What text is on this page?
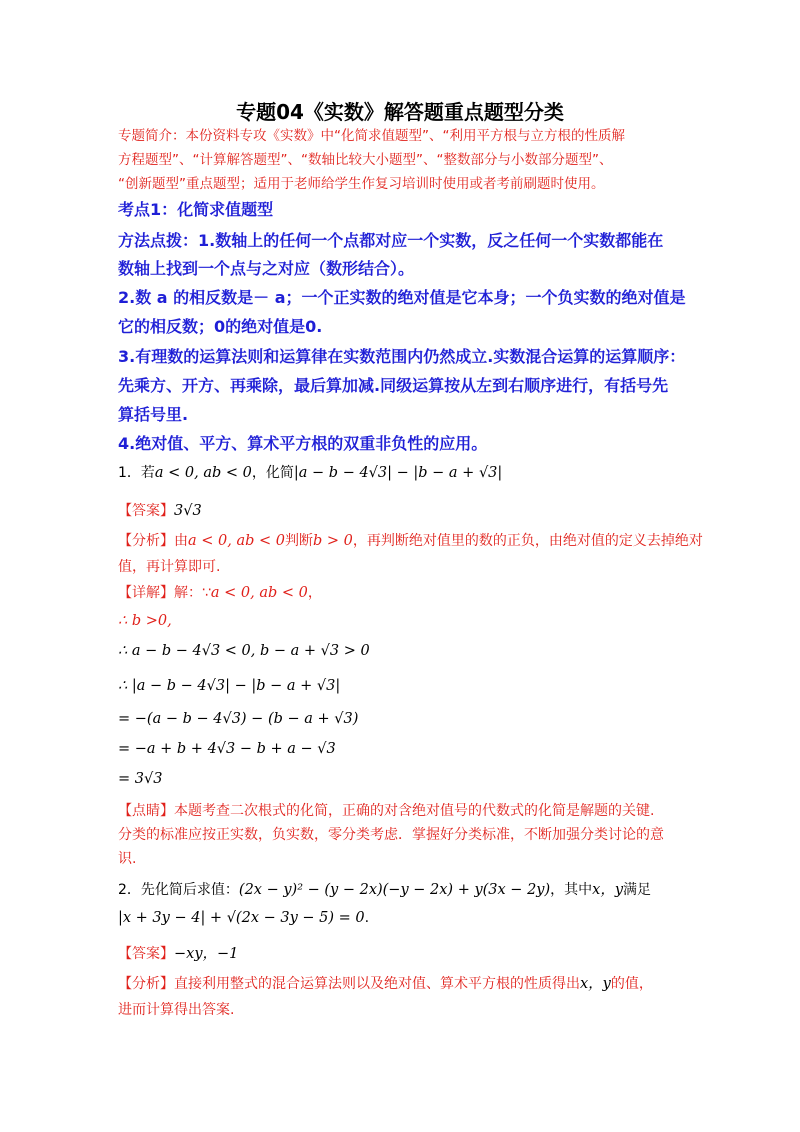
专题04《实数》解答题重点题型分类
专题简介：本份资料专攻《实数》中“化简求值题型”、“利用平方根与立方根的性质解
方程题型”、“计算解答题型”、“数轴比较大小题型”、“整数部分与小数部分题型”、
“创新题型”重点题型；适用于老师给学生作复习培训时使用或者考前刷题时使用。
考点1：化简求值题型
方法点拨：1.数轴上的任何一个点都对应一个实数，反之任何一个实数都能在
数轴上找到一个点与之对应（数形结合）。
2.数 a 的相反数是－ a；一个正实数的绝对值是它本身；一个负实数的绝对值是
它的相反数；0的绝对值是0.
3.有理数的运算法则和运算律在实数范围内仍然成立.实数混合运算的运算顺序：
先乘方、开方、再乘除，最后算加减.同级运算按从左到右顺序进行，有括号先
算括号里.
4.绝对值、平方、算术平方根的双重非负性的应用。
1．若a < 0, ab < 0，化简|a − b − 4√3| − |b − a + √3|
【答案】3√3
【分析】由a < 0, ab < 0判断b > 0，再判断绝对值里的数的正负，由绝对值的定义去掉绝对
值，再计算即可.
【详解】解：∵a < 0, ab < 0，
∴ b >0,
∴ a − b − 4√3 < 0, b − a + √3 > 0
∴ |a − b − 4√3| − |b − a + √3|
= −(a − b − 4√3) − (b − a + √3)
= −a + b + 4√3 − b + a − √3
= 3√3
【点睛】本题考查二次根式的化简，正确的对含绝对值号的代数式的化简是解题的关键.
分类的标准应按正实数，负实数，零分类考虑．掌握好分类标准，不断加强分类讨论的意
识.
2．先化简后求值：(2x − y)² − (y − 2x)(−y − 2x) + y(3x − 2y)，其中x，y满足
|x + 3y − 4| + √(2x − 3y − 5) = 0.
【答案】−xy，−1
【分析】直接利用整式的混合运算法则以及绝对值、算术平方根的性质得出x，y的值，
进而计算得出答案.
